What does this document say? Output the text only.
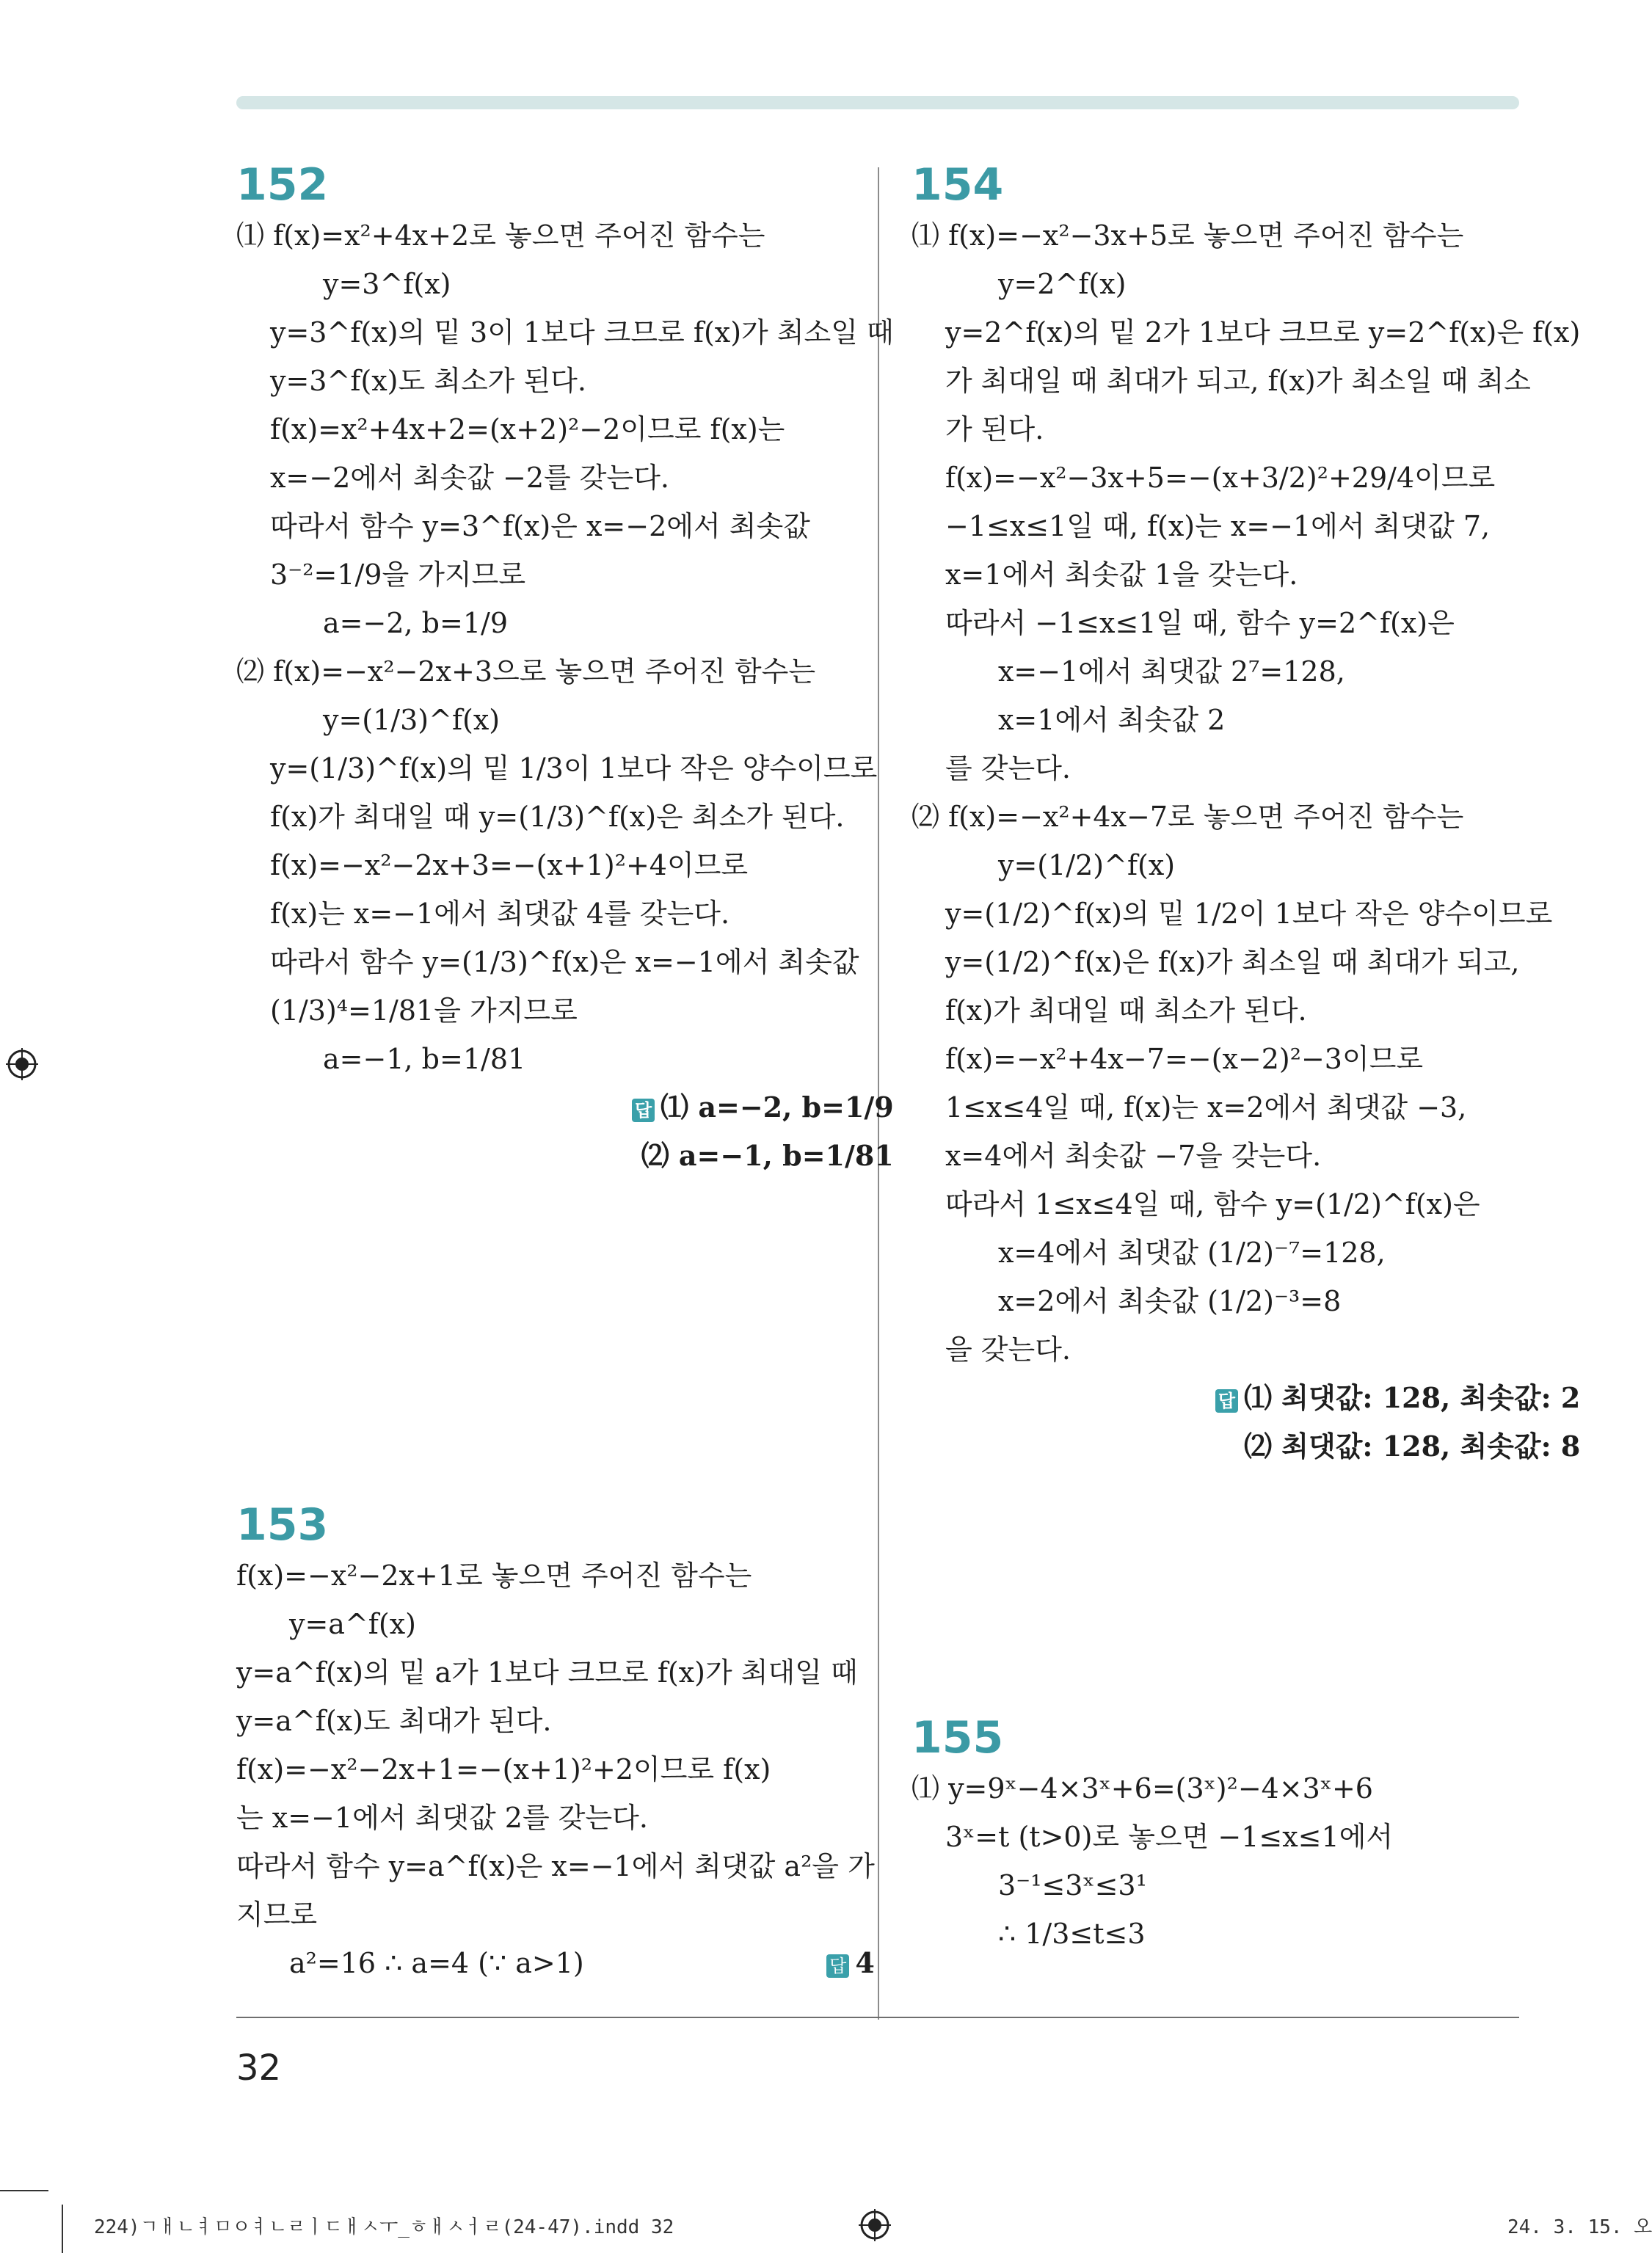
152
⑴ f(x)=x²+4x+2로 놓으면 주어진 함수는
y=3^f(x)
y=3^f(x)의 밑 3이 1보다 크므로 f(x)가 최소일 때
y=3^f(x)도 최소가 된다.
f(x)=x²+4x+2=(x+2)²−2이므로 f(x)는
x=−2에서 최솟값 −2를 갖는다.
따라서 함수 y=3^f(x)은 x=−2에서 최솟값
3⁻²=1/9을 가지므로
a=−2, b=1/9
⑵ f(x)=−x²−2x+3으로 놓으면 주어진 함수는
y=(1/3)^f(x)
y=(1/3)^f(x)의 밑 1/3이 1보다 작은 양수이므로
f(x)가 최대일 때 y=(1/3)^f(x)은 최소가 된다.
f(x)=−x²−2x+3=−(x+1)²+4이므로
f(x)는 x=−1에서 최댓값 4를 갖는다.
따라서 함수 y=(1/3)^f(x)은 x=−1에서 최솟값
(1/3)⁴=1/81을 가지므로
a=−1, b=1/81
답 ⑴ a=−2, b=1/9
⑵ a=−1, b=1/81
153
f(x)=−x²−2x+1로 놓으면 주어진 함수는
y=a^f(x)
y=a^f(x)의 밑 a가 1보다 크므로 f(x)가 최대일 때
y=a^f(x)도 최대가 된다.
f(x)=−x²−2x+1=−(x+1)²+2이므로 f(x)
는 x=−1에서 최댓값 2를 갖는다.
따라서 함수 y=a^f(x)은 x=−1에서 최댓값 a²을 가
지므로
a²=16 ∴ a=4 (∵ a>1)	답 4
154
⑴ f(x)=−x²−3x+5로 놓으면 주어진 함수는
y=2^f(x)
y=2^f(x)의 밑 2가 1보다 크므로 y=2^f(x)은 f(x)
가 최대일 때 최대가 되고, f(x)가 최소일 때 최소
가 된다.
f(x)=−x²−3x+5=−(x+3/2)²+29/4이므로
−1≤x≤1일 때, f(x)는 x=−1에서 최댓값 7,
x=1에서 최솟값 1을 갖는다.
따라서 −1≤x≤1일 때, 함수 y=2^f(x)은
x=−1에서 최댓값 2⁷=128,
x=1에서 최솟값 2
를 갖는다.
⑵ f(x)=−x²+4x−7로 놓으면 주어진 함수는
y=(1/2)^f(x)
y=(1/2)^f(x)의 밑 1/2이 1보다 작은 양수이므로
y=(1/2)^f(x)은 f(x)가 최소일 때 최대가 되고,
f(x)가 최대일 때 최소가 된다.
f(x)=−x²+4x−7=−(x−2)²−3이므로
1≤x≤4일 때, f(x)는 x=2에서 최댓값 −3,
x=4에서 최솟값 −7을 갖는다.
따라서 1≤x≤4일 때, 함수 y=(1/2)^f(x)은
x=4에서 최댓값 (1/2)⁻⁷=128,
x=2에서 최솟값 (1/2)⁻³=8
을 갖는다.
답 ⑴ 최댓값: 128, 최솟값: 2
⑵ 최댓값: 128, 최솟값: 8
155
⑴ y=9ˣ−4×3ˣ+6=(3ˣ)²−4×3ˣ+6
3ˣ=t (t>0)로 놓으면 −1≤x≤1에서
3⁻¹≤3ˣ≤3¹
∴ 1/3≤t≤3
32
224)ㄱㅐㄴㅕㅁㅇㅕㄴㄹㅣㄷㅐㅅㅜ_ㅎㅐㅅㅓㄹ(24-47).indd 32	24. 3. 15. 오
